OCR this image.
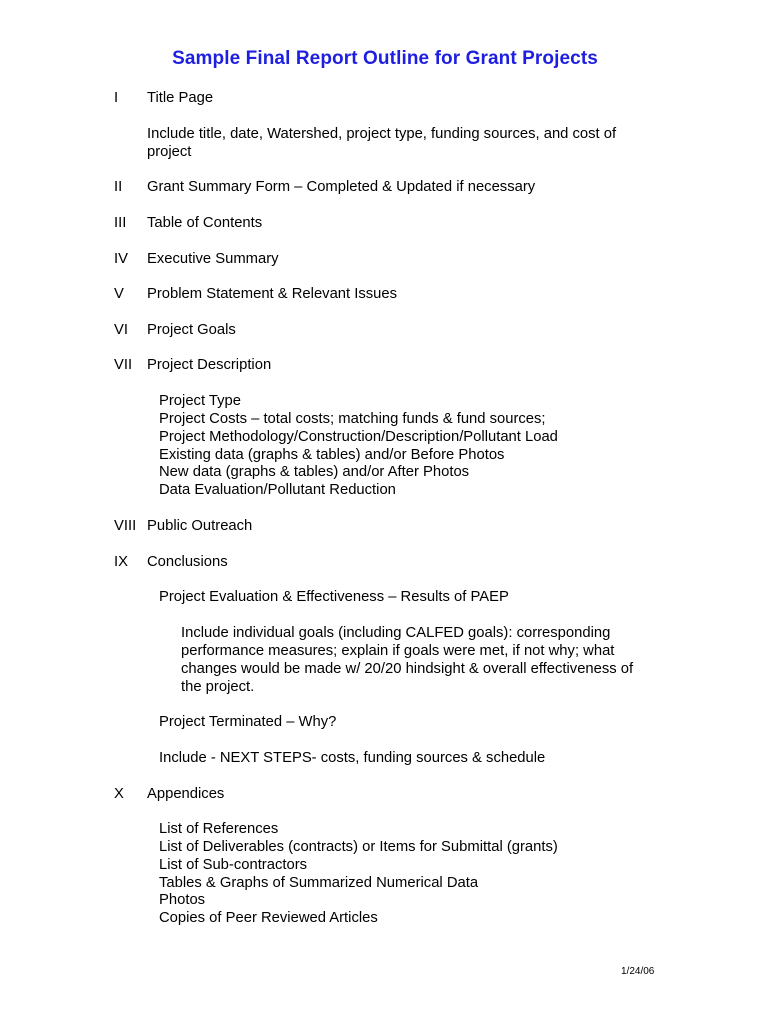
Sample Final Report Outline for Grant Projects
I Title Page
Include title, date, Watershed, project type, funding sources, and cost of
project
II Grant Summary Form – Completed & Updated if necessary
III Table of Contents
IV Executive Summary
V Problem Statement & Relevant Issues
VI Project Goals
VII Project Description
Project Type
Project Costs – total costs; matching funds & fund sources;
Project Methodology/Construction/Description/Pollutant Load
Existing data (graphs & tables) and/or Before Photos
New data (graphs & tables) and/or After Photos
Data Evaluation/Pollutant Reduction
VIII Public Outreach
IX Conclusions
Project Evaluation & Effectiveness – Results of PAEP
Include individual goals (including CALFED goals): corresponding
performance measures; explain if goals were met, if not why; what
changes would be made w/ 20/20 hindsight & overall effectiveness of
the project.
Project Terminated – Why?
Include - NEXT STEPS- costs, funding sources & schedule
X Appendices
List of References
List of Deliverables (contracts) or Items for Submittal (grants)
List of Sub-contractors
Tables & Graphs of Summarized Numerical Data
Photos
Copies of Peer Reviewed Articles
1/24/06
